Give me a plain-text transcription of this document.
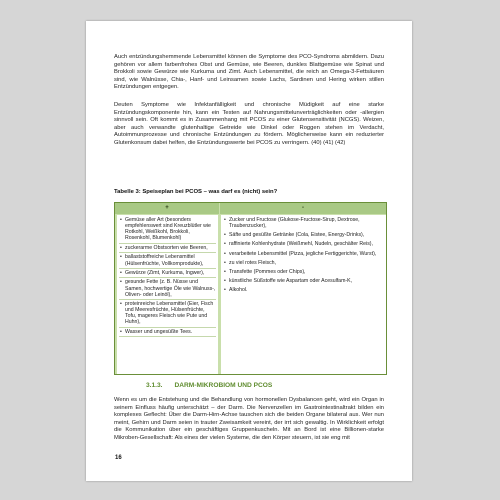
Auch entzündungshemmende Lebensmittel können die Symptome des PCO-Syndroms abmildern. Dazu gehören vor allem farbenfrohes Obst und Gemüse, wie Beeren, dunkles Blattgemüse wie Spinat und Brokkoli sowie Gewürze wie Kurkuma und Zimt. Auch Lebensmittel, die reich an Omega-3-Fettsäuren sind, wie Walnüsse, Chia-, Hanf- und Leinsamen sowie Lachs, Sardinen und Hering wirken stillen Entzündungen entgegen.

Deuten Symptome wie Infektanfälligkeit und chronische Müdigkeit auf eine starke Entzündungskomponente hin, kann ein Testen auf Nahrungsmittelunverträglichkeiten oder -allergien sinnvoll sein. Oft kommt es in Zusammenhang mit PCOS zu einer Glutensensitivität (NCGS). Weizen, aber auch verwandte glutenhaltige Getreide wie Dinkel oder Roggen stehen im Verdacht, Autoimmunprozesse und chronische Entzündungen zu fördern. Möglicherweise kann ein reduzierter Glutenkonsum dabei helfen, die Entzündungswerte bei PCOS zu verringern. (40) (41) (42)

Tabelle 3: Speiseplan bei PCOS – was darf es (nicht) sein?
+	-
• Gemüse aller Art (besonders empfehlenswert sind Kreuzblütler wie Rotkohl, Weißkohl, Brokkoli, Rosenkohl, Blumenkohl)
• zuckerarme Obstsorten wie Beeren,
• ballaststoffreiche Lebensmittel (Hülsenfrüchte, Vollkornprodukte),
• Gewürze (Zimt, Kurkuma, Ingwer),
• gesunde Fette (z. B. Nüsse und Samen, hochwertige Öle wie Walnuss-, Oliven- oder Leinöl),
• proteinreiche Lebensmittel (Eier, Fisch und Meeresfrüchte, Hülsenfrüchte, Tofu, mageres Fleisch wie Pute und Huhn),
• Wasser und ungesüßte Tees.
• Zucker und Fructose (Glukose-Fructose-Sirup, Dextrose, Traubenzucker),
• Säfte und gesüßte Getränke (Cola, Eistee, Energy-Drinks),
• raffinierte Kohlenhydrate (Weißmehl, Nudeln, geschälter Reis),
• verarbeitete Lebensmittel (Pizza, jegliche Fertiggerichte, Wurst),
• zu viel rotes Fleisch,
• Transfette (Pommes oder Chips),
• künstliche Süßstoffe wie Aspartam oder Acesulfam-K,
• Alkohol.
3.1.3. DARM-MIKROBIOM UND PCOS

Wenn es um die Entstehung und die Behandlung von hormonellen Dysbalancen geht, wird ein Organ in seinem Einfluss häufig unterschätzt – der Darm. Die Nervenzellen im Gastrointestinaltrakt bilden ein komplexes Geflecht: Über die Darm-Hirn-Achse tauschen sich die beiden Organe bilateral aus. Wer nun meint, Gehirn und Darm seien in trauter Zweisamkeit vereint, der irrt sich gewaltig. In Wirklichkeit erfolgt die Kommunikation über ein geschäftiges Gruppenkuscheln. Mit an Bord ist eine Billionen-starke Mikroben-Gesellschaft: Als eines der vielen Systeme, die den Körper steuern, ist sie eng mit

16
